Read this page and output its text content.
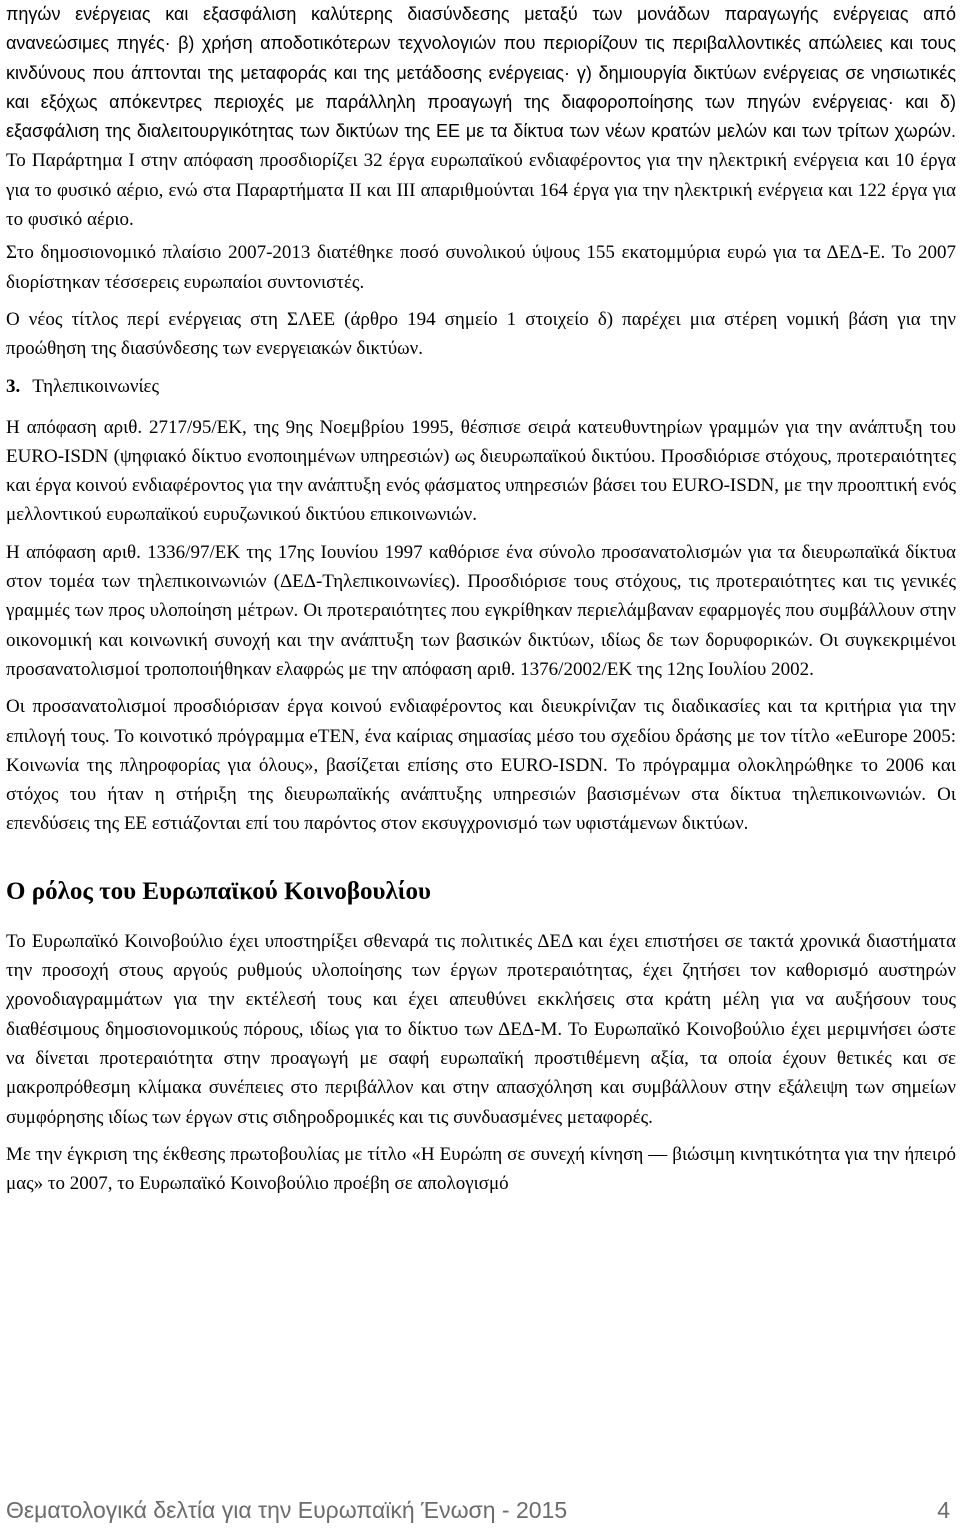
πηγών ενέργειας και εξασφάλιση καλύτερης διασύνδεσης μεταξύ των μονάδων παραγωγής ενέργειας από ανανεώσιμες πηγές· β) χρήση αποδοτικότερων τεχνολογιών που περιορίζουν τις περιβαλλοντικές απώλειες και τους κινδύνους που άπτονται της μεταφοράς και της μετάδοσης ενέργειας· γ) δημιουργία δικτύων ενέργειας σε νησιωτικές και εξόχως απόκεντρες περιοχές με παράλληλη προαγωγή της διαφοροποίησης των πηγών ενέργειας· και δ) εξασφάλιση της διαλειτουργικότητας των δικτύων της ΕΕ με τα δίκτυα των νέων κρατών μελών και των τρίτων χωρών. Το Παράρτημα I στην απόφαση προσδιορίζει 32 έργα ευρωπαϊκού ενδιαφέροντος για την ηλεκτρική ενέργεια και 10 έργα για το φυσικό αέριο, ενώ στα Παραρτήματα II και III απαριθμούνται 164 έργα για την ηλεκτρική ενέργεια και 122 έργα για το φυσικό αέριο.

Στο δημοσιονομικό πλαίσιο 2007-2013 διατέθηκε ποσό συνολικού ύψους 155 εκατομμύρια ευρώ για τα ΔΕΔ-Ε. Το 2007 διορίστηκαν τέσσερεις ευρωπαίοι συντονιστές.

Ο νέος τίτλος περί ενέργειας στη ΣΛΕΕ (άρθρο 194 σημείο 1 στοιχείο δ) παρέχει μια στέρεη νομική βάση για την προώθηση της διασύνδεσης των ενεργειακών δικτύων.

3. Τηλεπικοινωνίες

Η απόφαση αριθ. 2717/95/ΕΚ, της 9ης Νοεμβρίου 1995, θέσπισε σειρά κατευθυντηρίων γραμμών για την ανάπτυξη του EURO-ISDN (ψηφιακό δίκτυο ενοποιημένων υπηρεσιών) ως διευρωπαϊκού δικτύου. Προσδιόρισε στόχους, προτεραιότητες και έργα κοινού ενδιαφέροντος για την ανάπτυξη ενός φάσματος υπηρεσιών βάσει του EURO-ISDN, με την προοπτική ενός μελλοντικού ευρωπαϊκού ευρυζωνικού δικτύου επικοινωνιών.

Η απόφαση αριθ. 1336/97/ΕΚ της 17ης Ιουνίου 1997 καθόρισε ένα σύνολο προσανατολισμών για τα διευρωπαϊκά δίκτυα στον τομέα των τηλεπικοινωνιών (ΔΕΔ-Τηλεπικοινωνίες). Προσδιόρισε τους στόχους, τις προτεραιότητες και τις γενικές γραμμές των προς υλοποίηση μέτρων. Οι προτεραιότητες που εγκρίθηκαν περιελάμβαναν εφαρμογές που συμβάλλουν στην οικονομική και κοινωνική συνοχή και την ανάπτυξη των βασικών δικτύων, ιδίως δε των δορυφορικών. Οι συγκεκριμένοι προσανατολισμοί τροποποιήθηκαν ελαφρώς με την απόφαση αριθ. 1376/2002/ΕΚ της 12ης Ιουλίου 2002.

Οι προσανατολισμοί προσδιόρισαν έργα κοινού ενδιαφέροντος και διευκρίνιζαν τις διαδικασίες και τα κριτήρια για την επιλογή τους. Το κοινοτικό πρόγραμμα eTEN, ένα καίριας σημασίας μέσο του σχεδίου δράσης με τον τίτλο «eEurope 2005: Κοινωνία της πληροφορίας για όλους», βασίζεται επίσης στο EURO-ISDN. Το πρόγραμμα ολοκληρώθηκε το 2006 και στόχος του ήταν η στήριξη της διευρωπαϊκής ανάπτυξης υπηρεσιών βασισμένων στα δίκτυα τηλεπικοινωνιών. Οι επενδύσεις της ΕΕ εστιάζονται επί του παρόντος στον εκσυγχρονισμό των υφιστάμενων δικτύων.

Ο ρόλος του Ευρωπαϊκού Κοινοβουλίου

Το Ευρωπαϊκό Κοινοβούλιο έχει υποστηρίξει σθεναρά τις πολιτικές ΔΕΔ και έχει επιστήσει σε τακτά χρονικά διαστήματα την προσοχή στους αργούς ρυθμούς υλοποίησης των έργων προτεραιότητας, έχει ζητήσει τον καθορισμό αυστηρών χρονοδιαγραμμάτων για την εκτέλεσή τους και έχει απευθύνει εκκλήσεις στα κράτη μέλη για να αυξήσουν τους διαθέσιμους δημοσιονομικούς πόρους, ιδίως για το δίκτυο των ΔΕΔ-Μ. Το Ευρωπαϊκό Κοινοβούλιο έχει μεριμνήσει ώστε να δίνεται προτεραιότητα στην προαγωγή με σαφή ευρωπαϊκή προστιθέμενη αξία, τα οποία έχουν θετικές και σε μακροπρόθεσμη κλίμακα συνέπειες στο περιβάλλον και στην απασχόληση και συμβάλλουν στην εξάλειψη των σημείων συμφόρησης ιδίως των έργων στις σιδηροδρομικές και τις συνδυασμένες μεταφορές.

Με την έγκριση της έκθεσης πρωτοβουλίας με τίτλο «Η Ευρώπη σε συνεχή κίνηση — βιώσιμη κινητικότητα για την ήπειρό μας» το 2007, το Ευρωπαϊκό Κοινοβούλιο προέβη σε απολογισμό

Θεματολογικά δελτία για την Ευρωπαϊκή Ένωση - 2015	4
